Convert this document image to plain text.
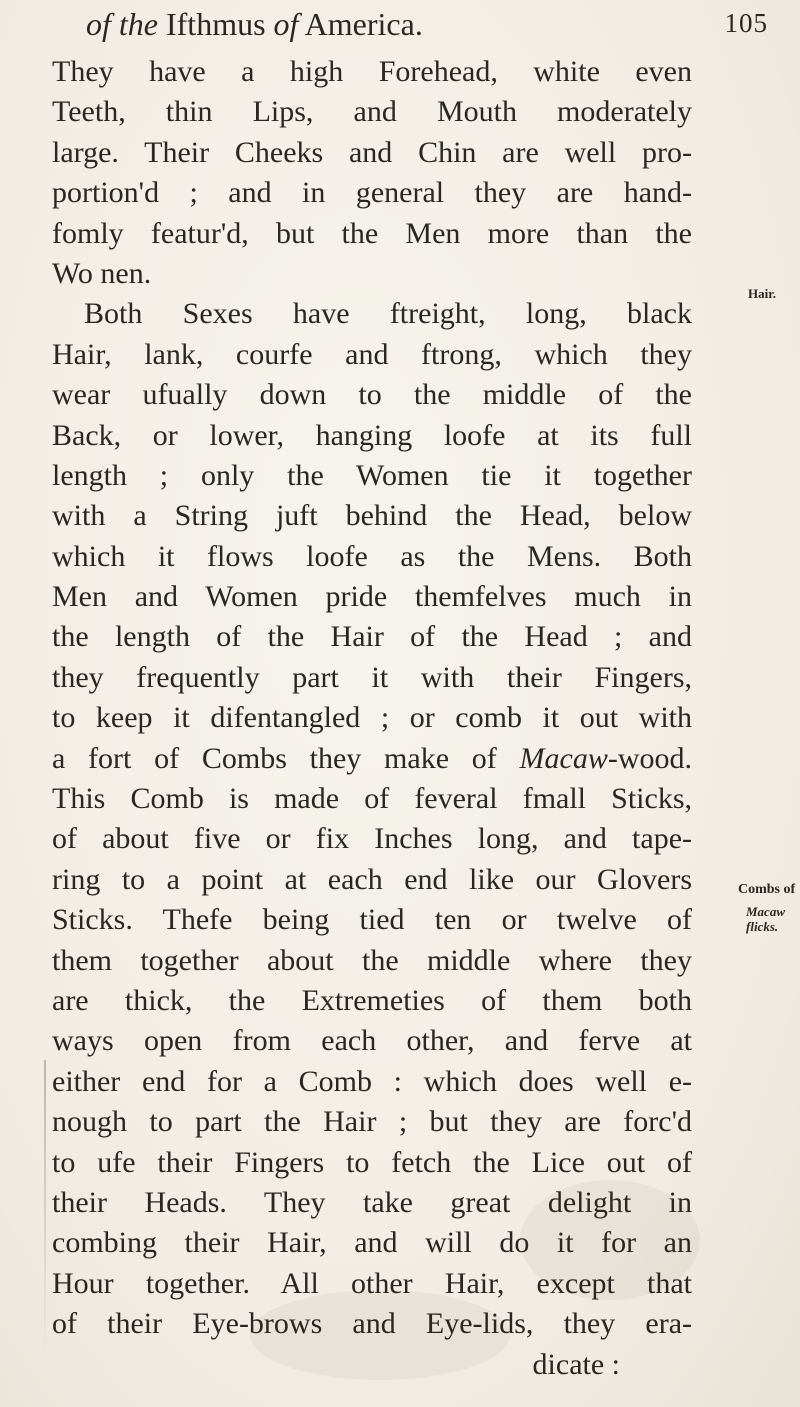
of the Ifthmus of America.	105
They have a high Forehead, white even
Teeth, thin Lips, and Mouth moderately
large. Their Cheeks and Chin are well pro-
portion'd ; and in general they are hand-
fomly featur'd, but the Men more than the
Wo nen.
Both Sexes have ftreight, long, black
Hair, lank, courfe and ftrong, which they
wear ufually down to the middle of the
Back, or lower, hanging loofe at its full
length ; only the Women tie it together
with a String juft behind the Head, below
which it flows loofe as the Mens. Both
Men and Women pride themfelves much in
the length of the Hair of the Head ; and
they frequently part it with their Fingers,
to keep it difentangled ; or comb it out with
a fort of Combs they make of Macaw-wood.
This Comb is made of feveral fmall Sticks,
of about five or fix Inches long, and tape-
ring to a point at each end like our Glovers
Sticks. Thefe being tied ten or twelve of
them together about the middle where they
are thick, the Extremeties of them both
ways open from each other, and ferve at
either end for a Comb : which does well e-
nough to part the Hair ; but they are forc'd
to ufe their Fingers to fetch the Lice out of
their Heads. They take great delight in
combing their Hair, and will do it for an
Hour together. All other Hair, except that
of their Eye-brows and Eye-lids, they era-
dicate :
Hair.
Combs of
Macaw
flicks.
